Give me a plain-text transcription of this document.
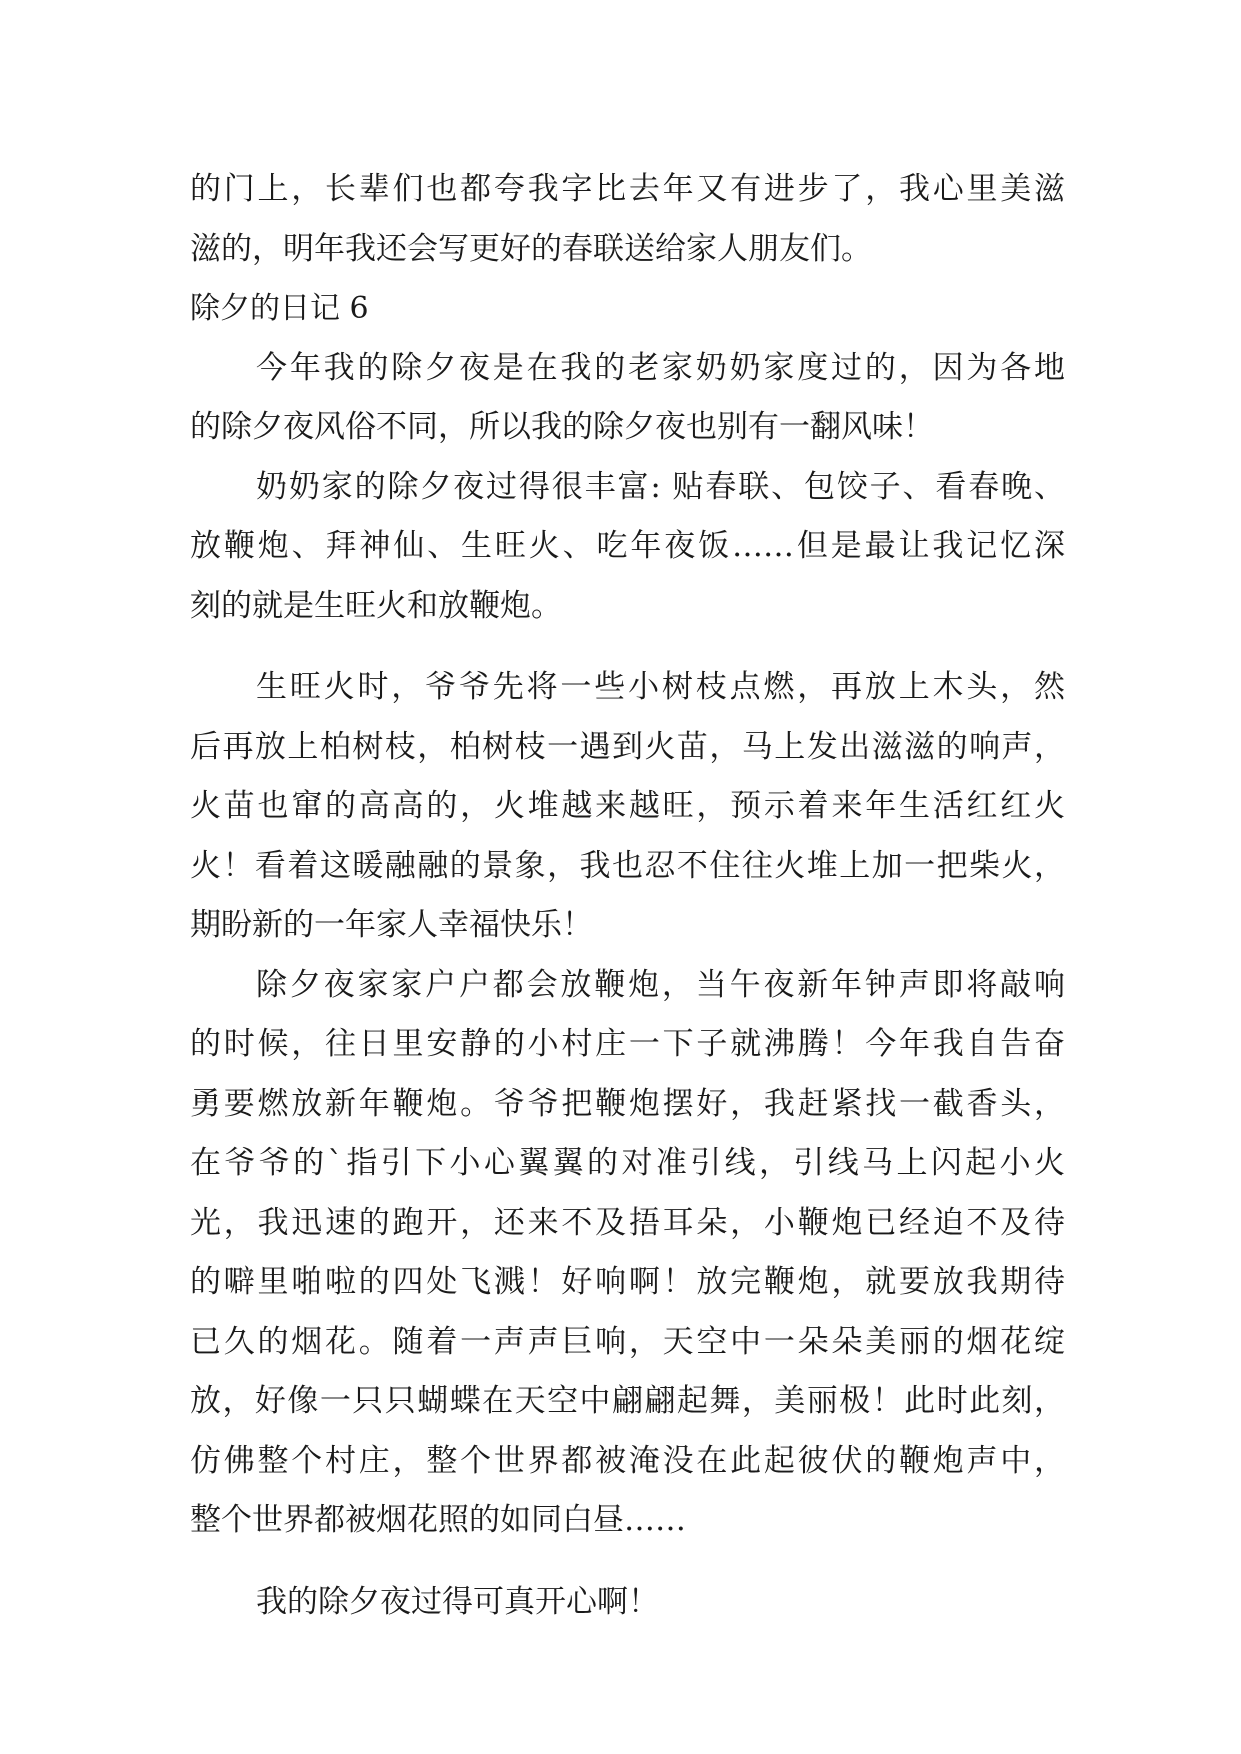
的门上，长辈们也都夸我字比去年又有进步了，我心里美滋
滋的，明年我还会写更好的春联送给家人朋友们。
除夕的日记 6
今年我的除夕夜是在我的老家奶奶家度过的，因为各地
的除夕夜风俗不同，所以我的除夕夜也别有一翻风味！
奶奶家的除夕夜过得很丰富: 贴春联、包饺子、看春晚、
放鞭炮、拜神仙、生旺火、吃年夜饭……但是最让我记忆深
刻的就是生旺火和放鞭炮。
生旺火时，爷爷先将一些小树枝点燃，再放上木头，然
后再放上柏树枝，柏树枝一遇到火苗，马上发出滋滋的响声，
火苗也窜的高高的，火堆越来越旺，预示着来年生活红红火
火！看着这暖融融的景象，我也忍不住往火堆上加一把柴火，
期盼新的一年家人幸福快乐！
除夕夜家家户户都会放鞭炮，当午夜新年钟声即将敲响
的时候，往日里安静的小村庄一下子就沸腾！今年我自告奋
勇要燃放新年鞭炮。爷爷把鞭炮摆好，我赶紧找一截香头，
在爷爷的`指引下小心翼翼的对准引线，引线马上闪起小火
光，我迅速的跑开，还来不及捂耳朵，小鞭炮已经迫不及待
的噼里啪啦的四处飞溅！好响啊！放完鞭炮，就要放我期待
已久的烟花。随着一声声巨响，天空中一朵朵美丽的烟花绽
放，好像一只只蝴蝶在天空中翩翩起舞，美丽极！此时此刻，
仿佛整个村庄，整个世界都被淹没在此起彼伏的鞭炮声中，
整个世界都被烟花照的如同白昼……
我的除夕夜过得可真开心啊！
